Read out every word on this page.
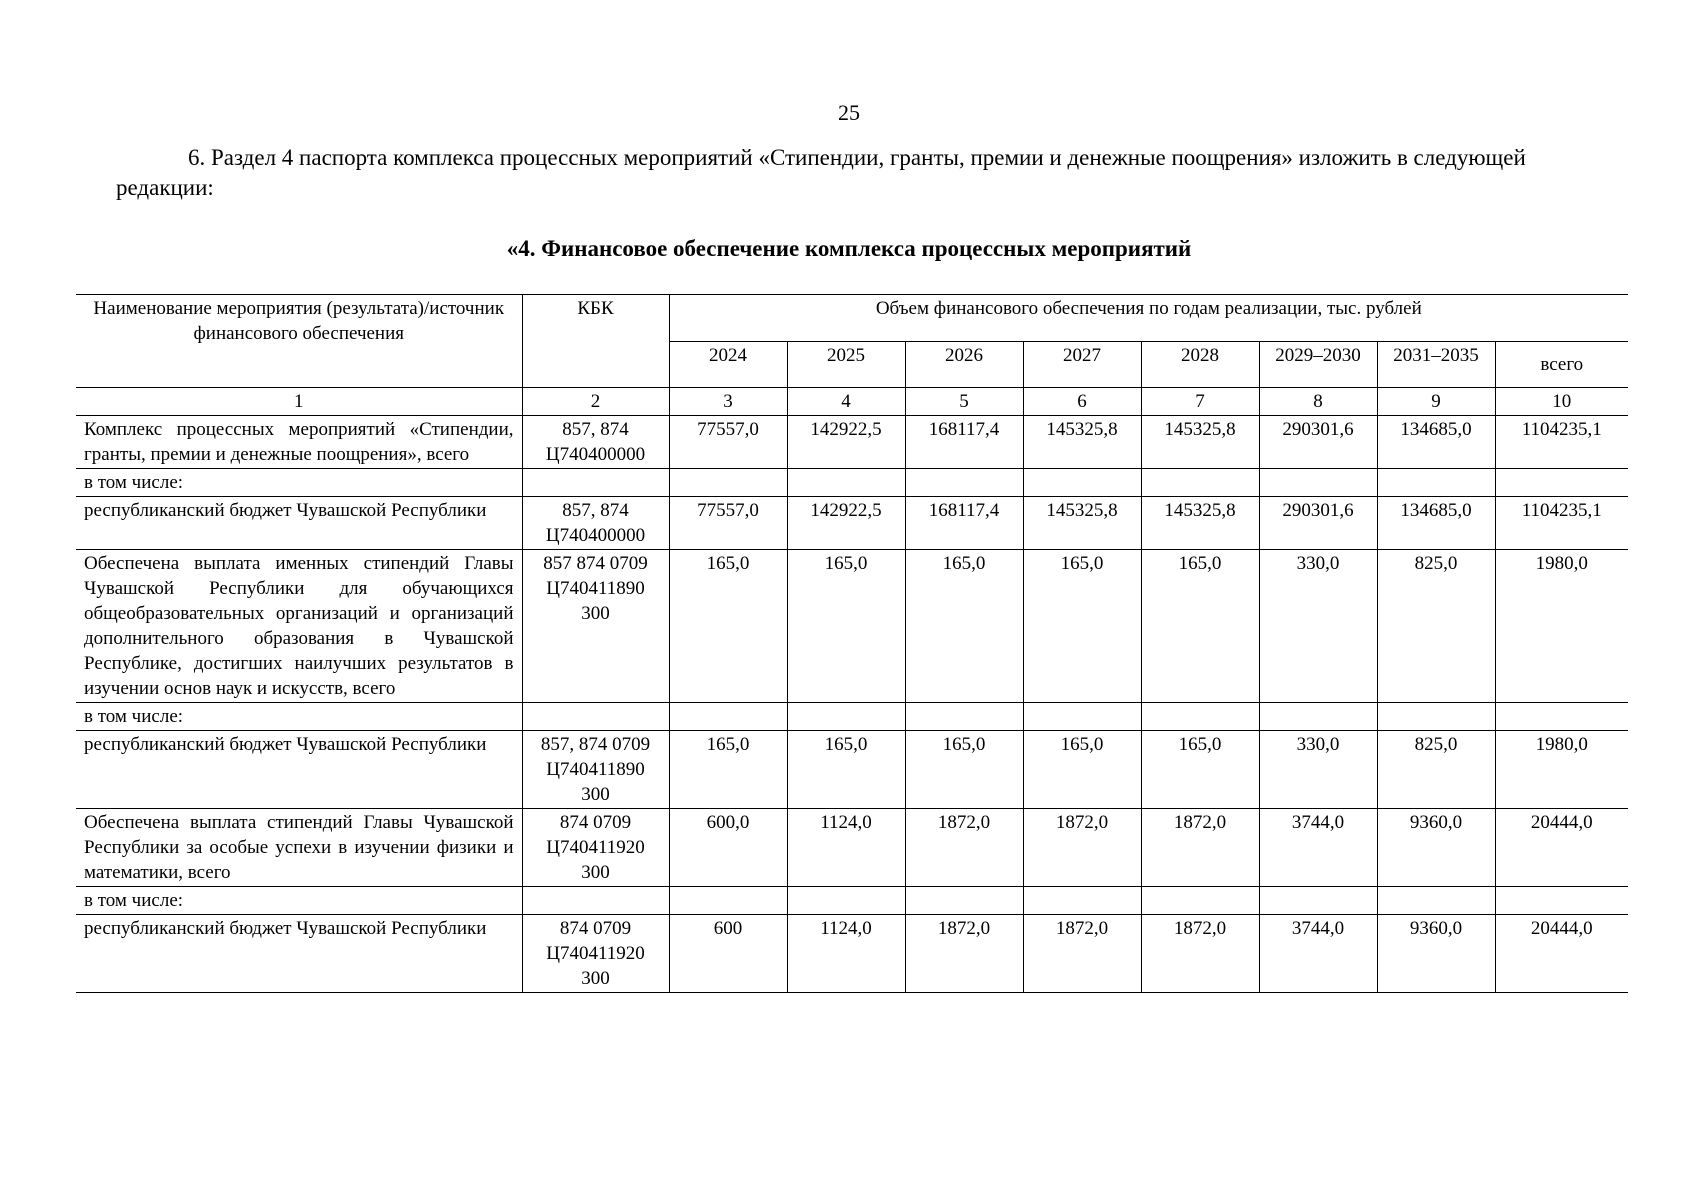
25
6. Раздел 4 паспорта комплекса процессных мероприятий «Стипендии, гранты, премии и денежные поощрения» изложить в следующей редакции:
«4. Финансовое обеспечение комплекса процессных мероприятий
Наименование мероприятия (результата)/источник финансового обеспечения	КБК	Объем финансового обеспечения по годам реализации, тыс. рублей							
		2024	2025	2026	2027	2028	2029–2030	2031–2035	всего
1	2	3	4	5	6	7	8	9	10
Комплекс процессных мероприятий «Стипендии, гранты, премии и денежные поощрения», всего	857, 874 Ц740400000	77557,0	142922,5	168117,4	145325,8	145325,8	290301,6	134685,0	1104235,1
в том числе:									
республиканский бюджет Чувашской Республики	857, 874 Ц740400000	77557,0	142922,5	168117,4	145325,8	145325,8	290301,6	134685,0	1104235,1
Обеспечена выплата именных стипендий Главы Чувашской Республики для обучающихся общеобразовательных организаций и организаций дополнительного образования в Чувашской Республике, достигших наилучших результатов в изучении основ наук и искусств, всего	857 874 0709 Ц740411890 300	165,0	165,0	165,0	165,0	165,0	330,0	825,0	1980,0
в том числе:									
республиканский бюджет Чувашской Республики	857, 874 0709 Ц740411890 300	165,0	165,0	165,0	165,0	165,0	330,0	825,0	1980,0
Обеспечена выплата стипендий Главы Чувашской Республики за особые успехи в изучении физики и математики, всего	874 0709 Ц740411920 300	600,0	1124,0	1872,0	1872,0	1872,0	3744,0	9360,0	20444,0
в том числе:									
республиканский бюджет Чувашской Республики	874 0709 Ц740411920 300	600	1124,0	1872,0	1872,0	1872,0	3744,0	9360,0	20444,0
